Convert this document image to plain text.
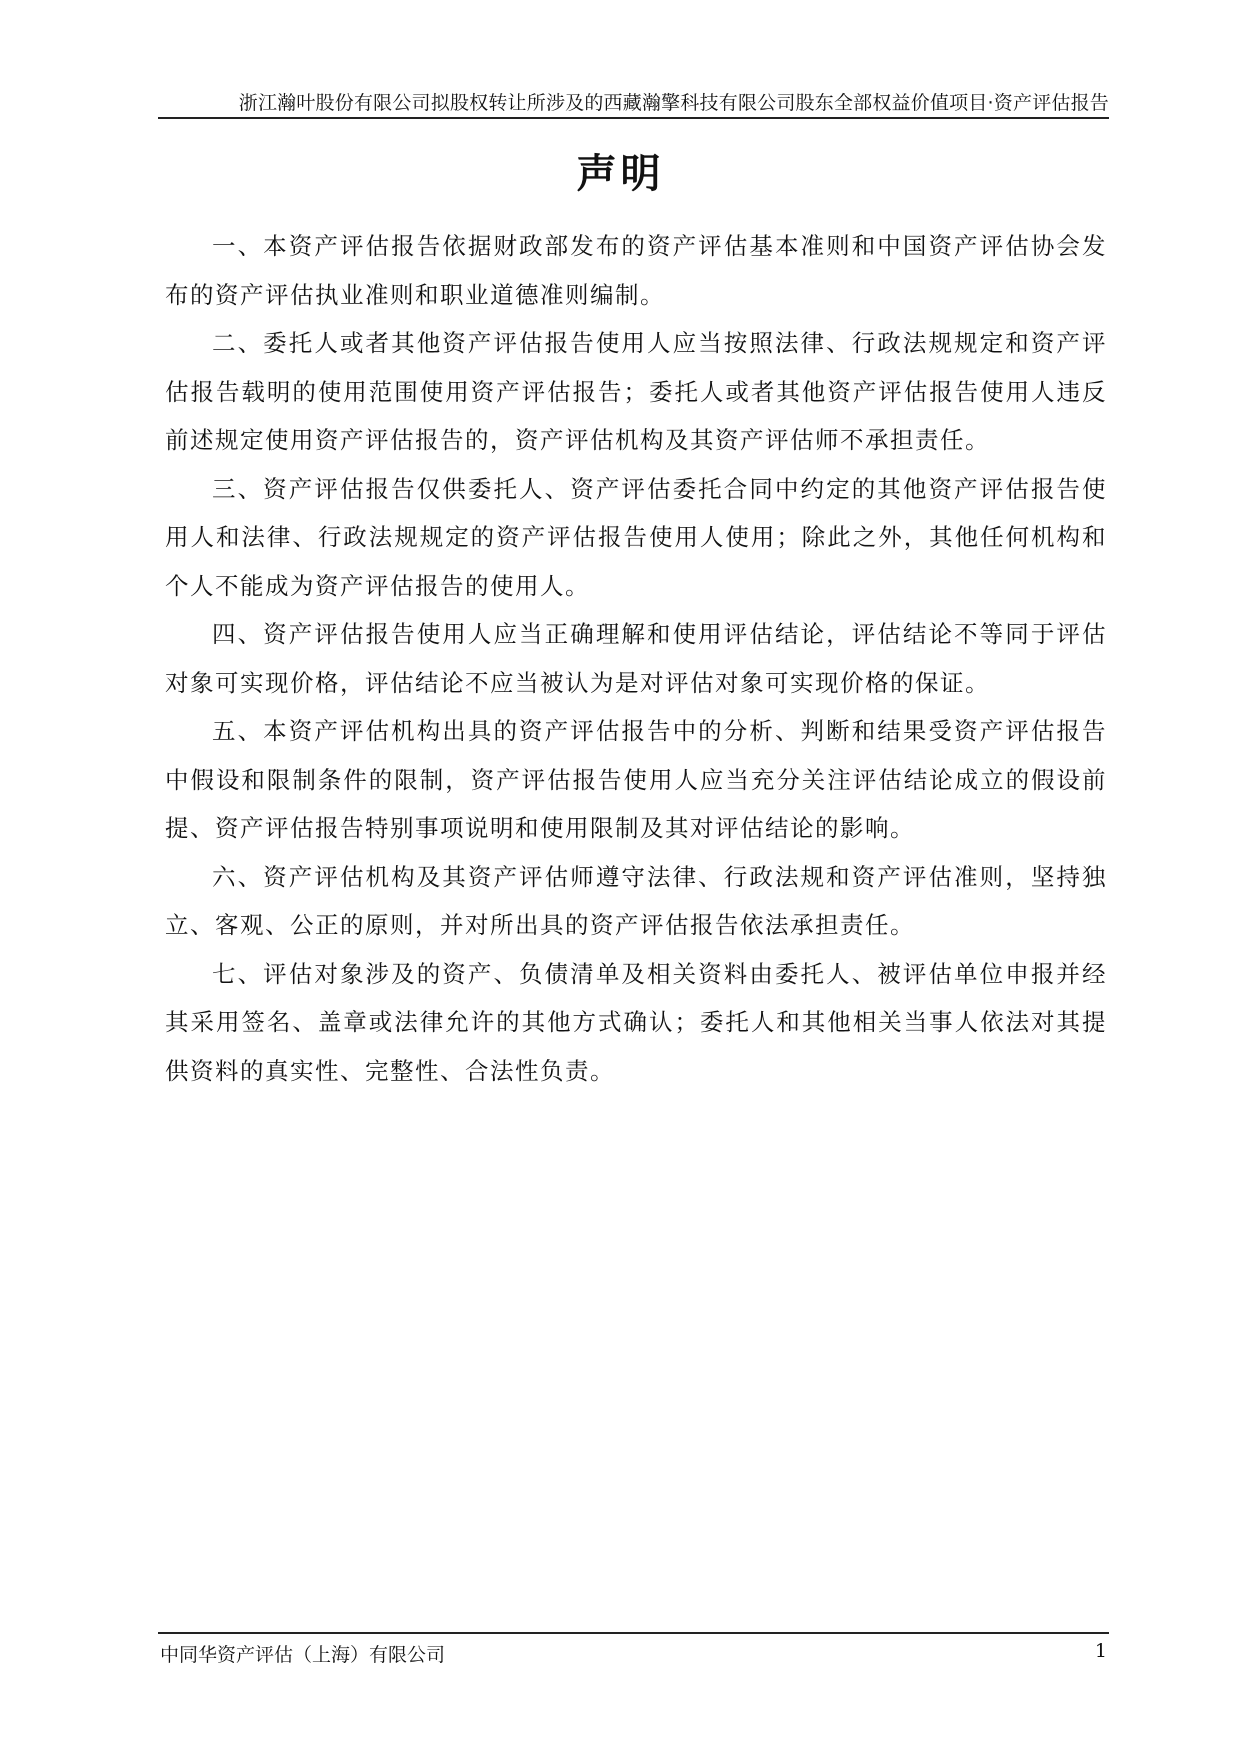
浙江瀚叶股份有限公司拟股权转让所涉及的西藏瀚擎科技有限公司股东全部权益价值项目·资产评估报告
声明

一、本资产评估报告依据财政部发布的资产评估基本准则和中国资产评估协会发布的资产评估执业准则和职业道德准则编制。

二、委托人或者其他资产评估报告使用人应当按照法律、行政法规规定和资产评估报告载明的使用范围使用资产评估报告；委托人或者其他资产评估报告使用人违反前述规定使用资产评估报告的，资产评估机构及其资产评估师不承担责任。

三、资产评估报告仅供委托人、资产评估委托合同中约定的其他资产评估报告使用人和法律、行政法规规定的资产评估报告使用人使用；除此之外，其他任何机构和个人不能成为资产评估报告的使用人。

四、资产评估报告使用人应当正确理解和使用评估结论，评估结论不等同于评估对象可实现价格，评估结论不应当被认为是对评估对象可实现价格的保证。

五、本资产评估机构出具的资产评估报告中的分析、判断和结果受资产评估报告中假设和限制条件的限制，资产评估报告使用人应当充分关注评估结论成立的假设前提、资产评估报告特别事项说明和使用限制及其对评估结论的影响。

六、资产评估机构及其资产评估师遵守法律、行政法规和资产评估准则，坚持独立、客观、公正的原则，并对所出具的资产评估报告依法承担责任。

七、评估对象涉及的资产、负债清单及相关资料由委托人、被评估单位申报并经其采用签名、盖章或法律允许的其他方式确认；委托人和其他相关当事人依法对其提供资料的真实性、完整性、合法性负责。

中同华资产评估（上海）有限公司	1
